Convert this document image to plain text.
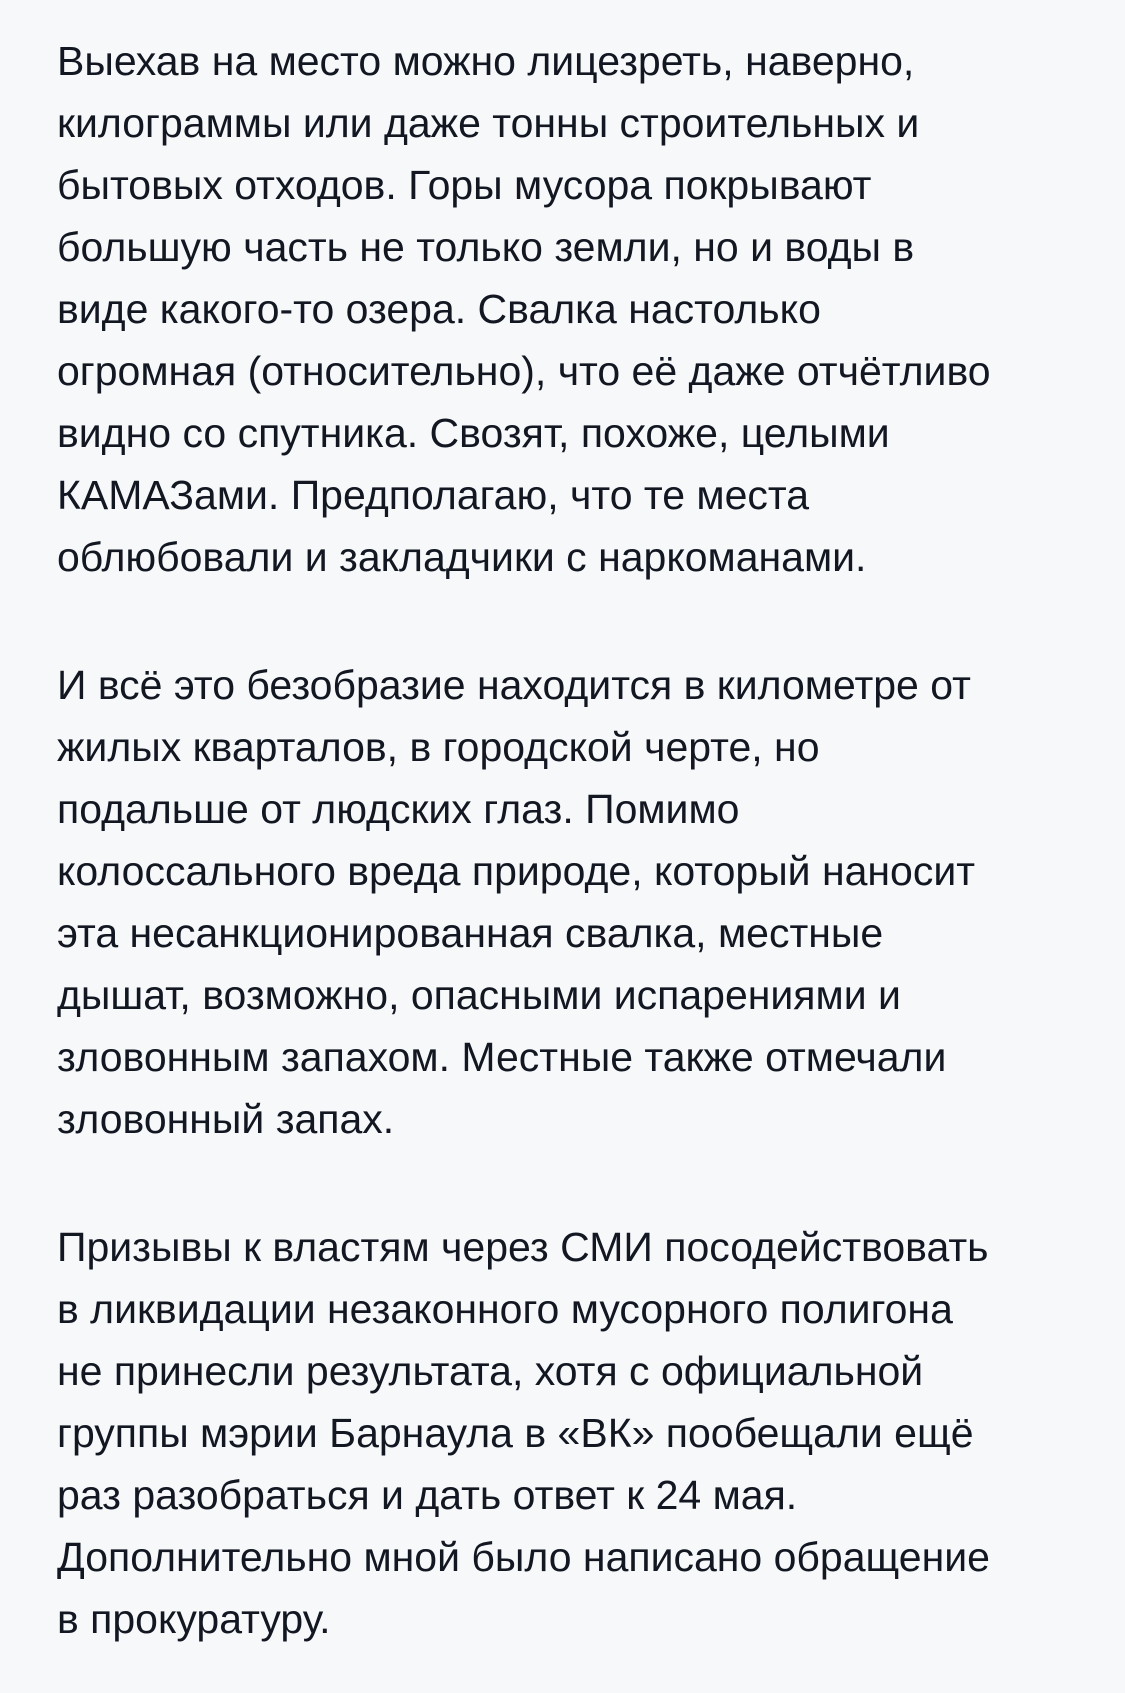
Выехав на место можно лицезреть, наверно,
килограммы или даже тонны строительных и
бытовых отходов. Горы мусора покрывают
большую часть не только земли, но и воды в
виде какого-то озера. Свалка настолько
огромная (относительно), что её даже отчётливо
видно со спутника. Свозят, похоже, целыми
КАМАЗами. Предполагаю, что те места
облюбовали и закладчики с наркоманами.

И всё это безобразие находится в километре от
жилых кварталов, в городской черте, но
подальше от людских глаз. Помимо
колоссального вреда природе, который наносит
эта несанкционированная свалка, местные
дышат, возможно, опасными испарениями и
зловонным запахом. Местные также отмечали
зловонный запах.

Призывы к властям через СМИ посодействовать
в ликвидации незаконного мусорного полигона
не принесли результата, хотя с официальной
группы мэрии Барнаула в «ВК» пообещали ещё
раз разобраться и дать ответ к 24 мая.
Дополнительно мной было написано обращение
в прокуратуру.
